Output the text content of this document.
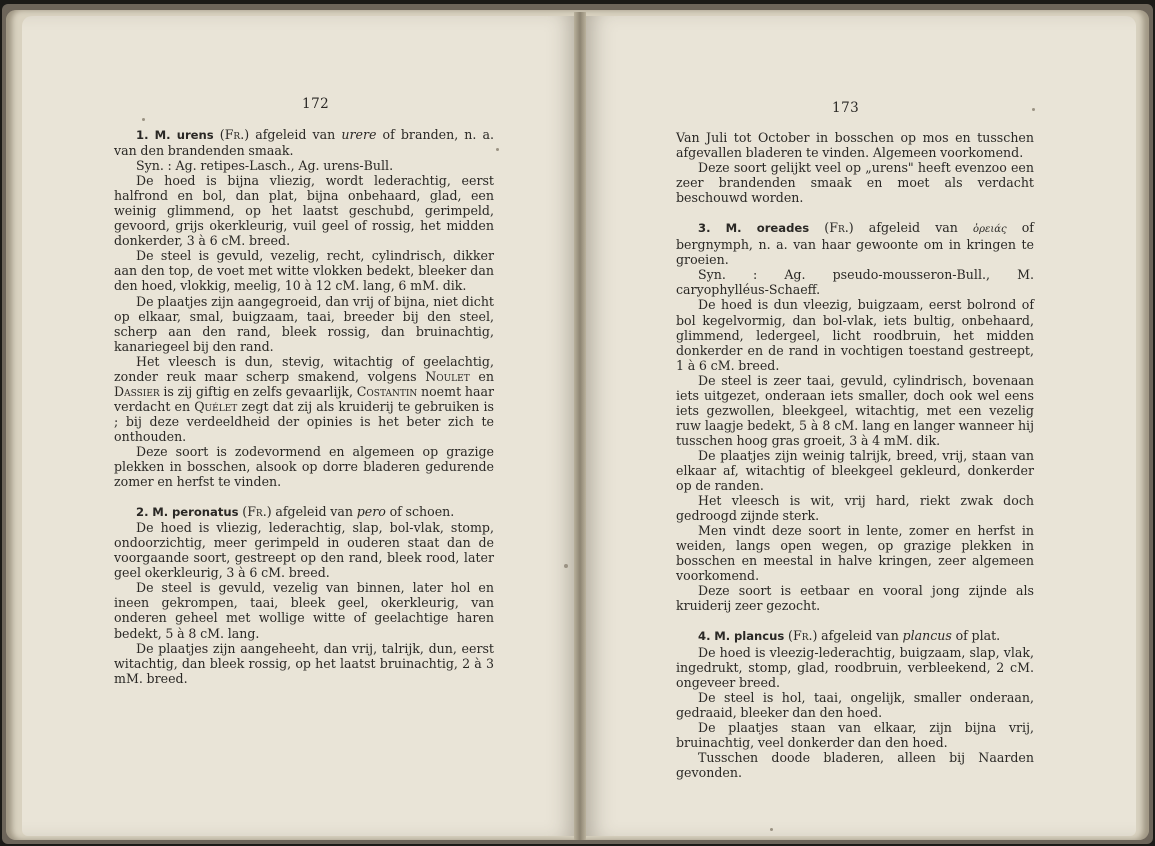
172

1. M. urens (Fr.) afgeleid van urere of branden, n. a. van den brandenden smaak.

Syn. : Ag. retipes-Lasch., Ag. urens-Bull.

De hoed is bijna vliezig, wordt lederachtig, eerst halfrond en bol, dan plat, bijna onbehaard, glad, een weinig glimmend, op het laatst geschubd, gerimpeld, gevoord, grijs okerkleurig, vuil geel of rossig, het midden donkerder, 3 à 6 cM. breed.

De steel is gevuld, vezelig, recht, cylindrisch, dikker aan den top, de voet met witte vlokken bedekt, bleeker dan den hoed, vlokkig, meelig, 10 à 12 cM. lang, 6 mM. dik.

De plaatjes zijn aangegroeid, dan vrij of bijna, niet dicht op elkaar, smal, buigzaam, taai, breeder bij den steel, scherp aan den rand, bleek rossig, dan bruinachtig, kanariegeel bij den rand.

Het vleesch is dun, stevig, witachtig of geelachtig, zonder reuk maar scherp smakend, volgens Noulet en Dassier is zij giftig en zelfs gevaarlijk, Costantin noemt haar verdacht en Quélet zegt dat zij als kruiderij te gebruiken is ; bij deze verdeeldheid der opinies is het beter zich te onthouden.

Deze soort is zodevormend en algemeen op grazige plekken in bosschen, alsook op dorre bladeren gedurende zomer en herfst te vinden.

2. M. peronatus (Fr.) afgeleid van pero of schoen.

De hoed is vliezig, lederachtig, slap, bol-vlak, stomp, ondoorzichtig, meer gerimpeld in ouderen staat dan de voorgaande soort, gestreept op den rand, bleek rood, later geel okerkleurig, 3 à 6 cM. breed.

De steel is gevuld, vezelig van binnen, later hol en ineen gekrompen, taai, bleek geel, okerkleurig, van onderen geheel met wollige witte of geelachtige haren bedekt, 5 à 8 cM. lang.

De plaatjes zijn aangeheeht, dan vrij, talrijk, dun, eerst witachtig, dan bleek rossig, op het laatst bruinachtig, 2 à 3 mM. breed.

173

Van Juli tot October in bosschen op mos en tusschen afgevallen bladeren te vinden. Algemeen voorkomend.

Deze soort gelijkt veel op „urens" heeft evenzoo een zeer brandenden smaak en moet als verdacht beschouwd worden.

3. M. oreades (Fr.) afgeleid van ὀρειάς of bergnymph, n. a. van haar gewoonte om in kringen te groeien.

Syn. : Ag. pseudo-mousseron-Bull., M. caryophylléus-Schaeff.

De hoed is dun vleezig, buigzaam, eerst bolrond of bol kegelvormig, dan bol-vlak, iets bultig, onbehaard, glimmend, ledergeel, licht roodbruin, het midden donkerder en de rand in vochtigen toestand gestreept, 1 à 6 cM. breed.

De steel is zeer taai, gevuld, cylindrisch, bovenaan iets uitgezet, onderaan iets smaller, doch ook wel eens iets gezwollen, bleekgeel, witachtig, met een vezelig ruw laagje bedekt, 5 à 8 cM. lang en langer wanneer hij tusschen hoog gras groeit, 3 à 4 mM. dik.

De plaatjes zijn weinig talrijk, breed, vrij, staan van elkaar af, witachtig of bleekgeel gekleurd, donkerder op de randen.

Het vleesch is wit, vrij hard, riekt zwak doch gedroogd zijnde sterk.

Men vindt deze soort in lente, zomer en herfst in weiden, langs open wegen, op grazige plekken in bosschen en meestal in halve kringen, zeer algemeen voorkomend.

Deze soort is eetbaar en vooral jong zijnde als kruiderij zeer gezocht.

4. M. plancus (Fr.) afgeleid van plancus of plat.

De hoed is vleezig-lederachtig, buigzaam, slap, vlak, ingedrukt, stomp, glad, roodbruin, verbleekend, 2 cM. ongeveer breed.

De steel is hol, taai, ongelijk, smaller onderaan, gedraaid, bleeker dan den hoed.

De plaatjes staan van elkaar, zijn bijna vrij, bruinachtig, veel donkerder dan den hoed.

Tusschen doode bladeren, alleen bij Naarden gevonden.
